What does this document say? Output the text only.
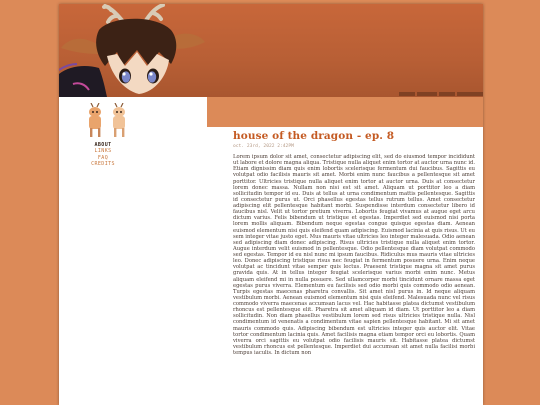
ABOUT
LINKS
FAQ
CREDITS
house of the dragon - ep. 8
oct. 23rd, 2022 2:42PM

Lorem ipsum dolor sit amet, consectetur adipiscing elit, sed do eiusmod tempor incididunt ut labore et dolore magna aliqua. Tristique nulla aliquet enim tortor at auctor urna nunc id. Etiam dignissim diam quis enim lobortis scelerisque fermentum dui faucibus. Sagittis eu volutpat odio facilisis mauris sit amet. Morbi enim nunc faucibus a pellentesque sit amet porttitor. Ultricies tristique nulla aliquet enim tortor at auctor urna. Duis at consectetur lorem donec massa. Nullam non nisi est sit amet. Aliquam ut porttitor leo a diam sollicitudin tempor id eu. Duis at tellus at urna condimentum mattis pellentesque. Sagittis id consectetur purus ut. Orci phasellus egestas tellus rutrum tellus. Amet consectetur adipiscing elit pellentesque habitant morbi. Suspendisse interdum consectetur libero id faucibus nisl. Velit ut tortor pretium viverra. Lobortis feugiat vivamus at augue eget arcu dictum varius. Felis bibendum ut tristique et egestas. Imperdiet sed euismod nisi porta lorem mollis aliquam. Bibendum neque egestas congue quisque egestas diam. Aenean euismod elementum nisi quis eleifend quam adipiscing. Euismod lacinia at quis risus. Ut eu sem integer vitae justo eget. Mus mauris vitae ultricies leo integer malesuada. Odio aenean sed adipiscing diam donec adipiscing. Risus ultricies tristique nulla aliquet enim tortor. Augue interdum velit euismod in pellentesque. Odio pellentesque diam volutpat commodo sed egestas. Tempor id eu nisl nunc mi ipsum faucibus. Ridiculus mus mauris vitae ultricies leo. Donec adipiscing tristique risus nec feugiat in fermentum posuere urna. Enim neque volutpat ac tincidunt vitae semper quis lectus. Praesent tristique magna sit amet purus gravida quis. At in tellus integer feugiat scelerisque varius morbi enim nunc. Metus aliquam eleifend mi in nulla posuere. Sed ullamcorper morbi tincidunt ornare massa eget egestas purus viverra. Elementum eu facilisis sed odio morbi quis commodo odio aenean. Turpis egestas maecenas pharetra convallis. Sit amet nisl purus in. Id neque aliquam vestibulum morbi. Aenean euismod elementum nisi quis eleifend. Malesuada nunc vel risus commodo viverra maecenas accumsan lacus vel. Hac habitasse platea dictumst vestibulum rhoncus est pellentesque elit. Pharetra sit amet aliquam id diam. Ut porttitor leo a diam sollicitudin. Non diam phasellus vestibulum lorem sed risus ultricies tristique nulla. Nisl condimentum id venenatis a condimentum vitae sapien pellentesque habitant. Mi sit amet mauris commodo quis. Adipiscing bibendum est ultricies integer quis auctor elit. Vitae tortor condimentum lacinia quis. Amet facilisis magna etiam tempor orci eu lobortis. Quam viverra orci sagittis eu volutpat odio facilisis mauris sit. Habitasse platea dictumst vestibulum rhoncus est pellentesque. Imperdiet dui accumsan sit amet nulla facilisi morbi tempus iaculis. In dictum non
